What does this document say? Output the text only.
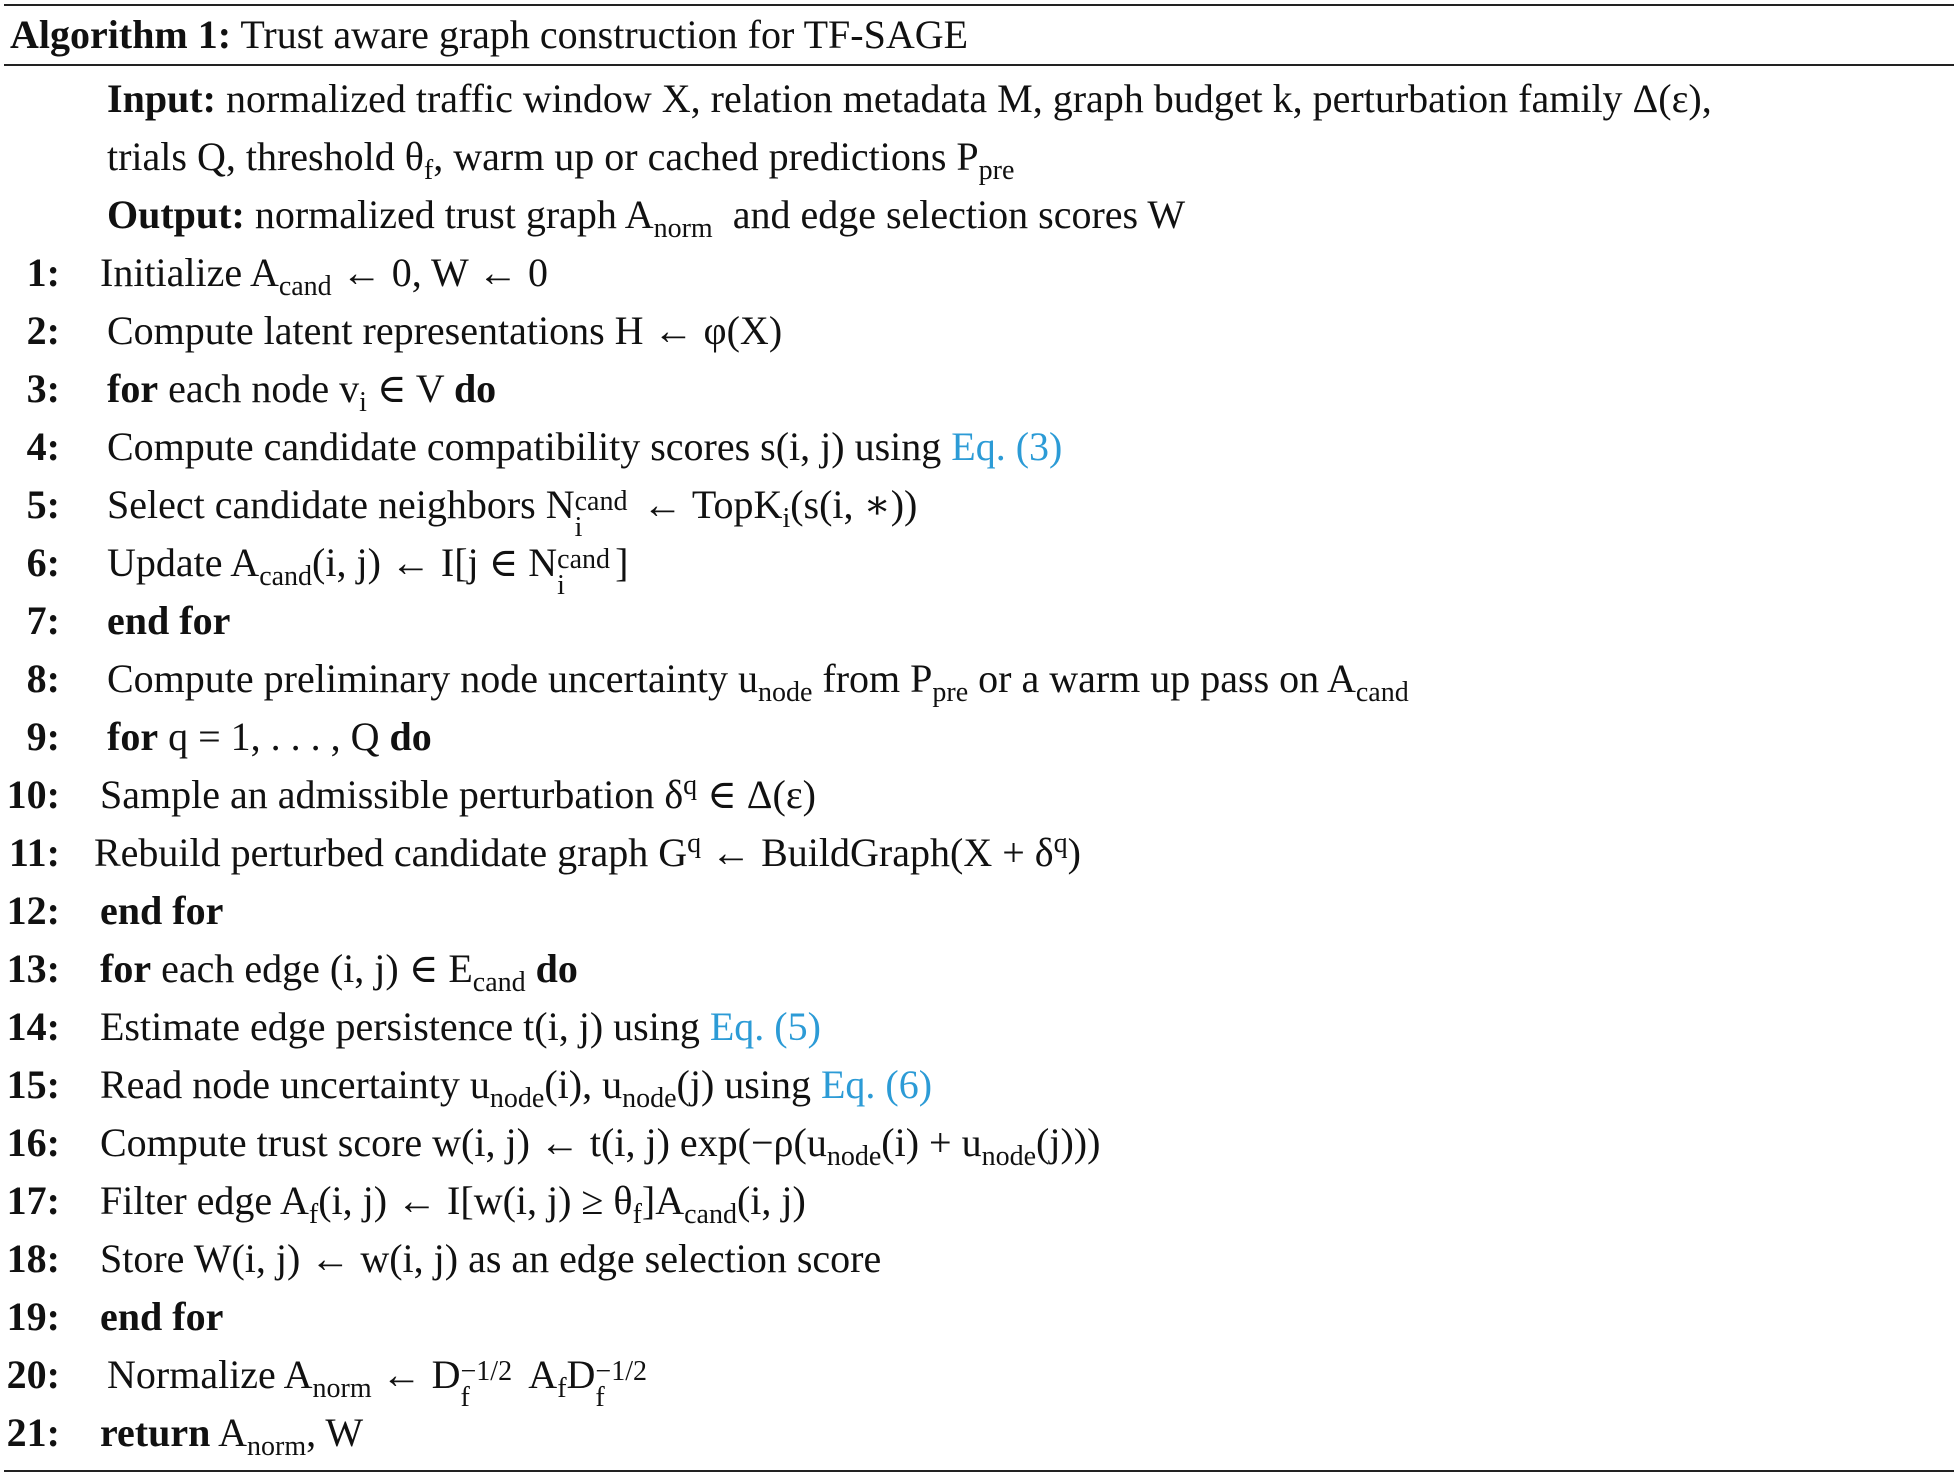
Algorithm 1: Trust aware graph construction for TF-SAGE
Input: normalized traffic window X, relation metadata M, graph budget k, perturbation family Δ(ε),
trials Q, threshold $\theta_f$, warm up or cached predictions $P_{pre}$
Output: normalized trust graph $A_{norm}$ and edge selection scores W
1: Initialize $A_{cand}$ ← 0, W ← 0
2: Compute latent representations H ← φ(X)
3: for each node $v_i$ ∈ V do
4: Compute candidate compatibility scores s(i, j) using Eq. (3)
5: Select candidate neighbors N cand
i
← TopK$_i$(s(i, ∗))
6: Update $A_{cand}(i$, j) ← I[j ∈ N cand
i
]
7: end for
8: Compute preliminary node uncertainty $u_{node}$ from $P_{pre}$ or a warm up pass on $A_{cand}$
9: for q = 1, . . . , Q do
10: Sample an admissible perturbation $\delta^q$ ∈ Δ(ε)
11: Rebuild perturbed candidate graph $G^q$ ← BuildGraph(X + $\delta^q$)
12: end for
13: for each edge (i, j) ∈ $E_{cand}$ do
14: Estimate edge persistence t(i, j) using Eq. (5)
15: Read node uncertainty $u_{node}(i)$, $u_{node}(j)$ using Eq. (6)
16: Compute trust score w(i, j) ← t(i, j) $\exp(-\rho(u_{node}(i) + u_{node}(j)))$
17: Filter edge $A_f(i$, j) ← I[w(i, $j) \ge \theta_f]A_{cand}(i$, j)
18: Store W(i, j) ← w(i, j) as an edge selection score
19: end for
20: Normalize $A_{norm}$ ← D −1/2
f
$A_fD -1/2$
f
21: return $A_{norm}$, W
